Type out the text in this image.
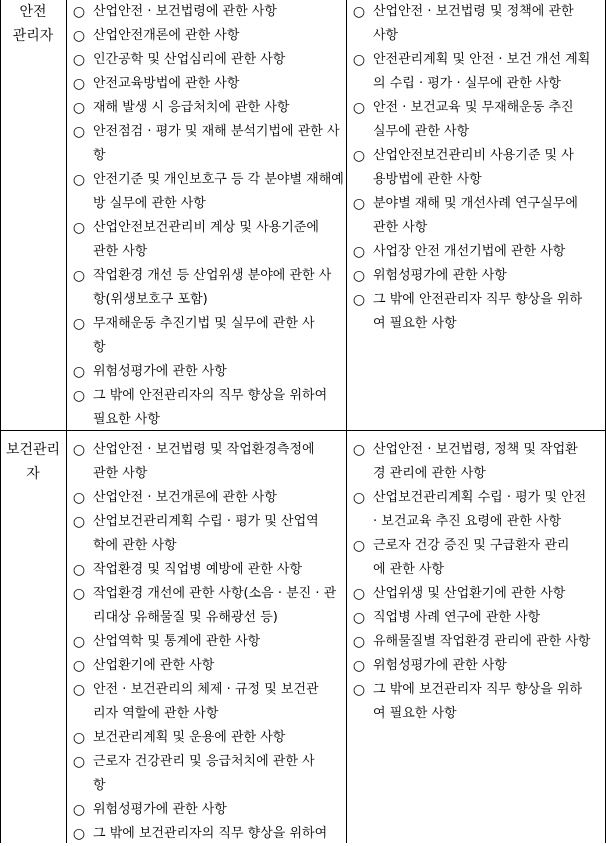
안전
관리자
○ 산업안전 · 보건법령에 관한 사항
○ 산업안전개론에 관한 사항
○ 인간공학 및 산업심리에 관한 사항
○ 안전교육방법에 관한 사항
○ 재해 발생 시 응급처치에 관한 사항
○ 안전점검 · 평가 및 재해 분석기법에 관한 사
항
○ 안전기준 및 개인보호구 등 각 분야별 재해예
방 실무에 관한 사항
○ 산업안전보건관리비 계상 및 사용기준에
관한 사항
○ 작업환경 개선 등 산업위생 분야에 관한 사
항(위생보호구 포함)
○ 무재해운동 추진기법 및 실무에 관한 사
항
○ 위험성평가에 관한 사항
○ 그 밖에 안전관리자의 직무 향상을 위하여
필요한 사항
○ 산업안전 · 보건법령 및 정책에 관한
사항
○ 안전관리계획 및 안전 · 보건 개선 계획
의 수립 · 평가 · 실무에 관한 사항
○ 안전 · 보건교육 및 무재해운동 추진
실무에 관한 사항
○ 산업안전보건관리비 사용기준 및 사
용방법에 관한 사항
○ 분야별 재해 및 개선사례 연구실무에
관한 사항
○ 사업장 안전 개선기법에 관한 사항
○ 위험성평가에 관한 사항
○ 그 밖에 안전관리자 직무 향상을 위하
여 필요한 사항
보건관리
자
○ 산업안전 · 보건법령 및 작업환경측정에
관한 사항
○ 산업안전 · 보건개론에 관한 사항
○ 산업보건관리계획 수립 · 평가 및 산업역
학에 관한 사항
○ 작업환경 및 직업병 예방에 관한 사항
○ 작업환경 개선에 관한 사항(소음 · 분진 · 관
리대상 유해물질 및 유해광선 등)
○ 산업역학 및 통계에 관한 사항
○ 산업환기에 관한 사항
○ 안전 · 보건관리의 체제 · 규정 및 보건관
리자 역할에 관한 사항
○ 보건관리계획 및 운용에 관한 사항
○ 근로자 건강관리 및 응급처치에 관한 사
항
○ 위험성평가에 관한 사항
○ 그 밖에 보건관리자의 직무 향상을 위하여
○ 산업안전 · 보건법령, 정책 및 작업환
경 관리에 관한 사항
○ 산업보건관리계획 수립 · 평가 및 안전
· 보건교육 추진 요령에 관한 사항
○ 근로자 건강 증진 및 구급환자 관리
에 관한 사항
○ 산업위생 및 산업환기에 관한 사항
○ 직업병 사례 연구에 관한 사항
○ 유해물질별 작업환경 관리에 관한 사항
○ 위험성평가에 관한 사항
○ 그 밖에 보건관리자 직무 향상을 위하
여 필요한 사항
